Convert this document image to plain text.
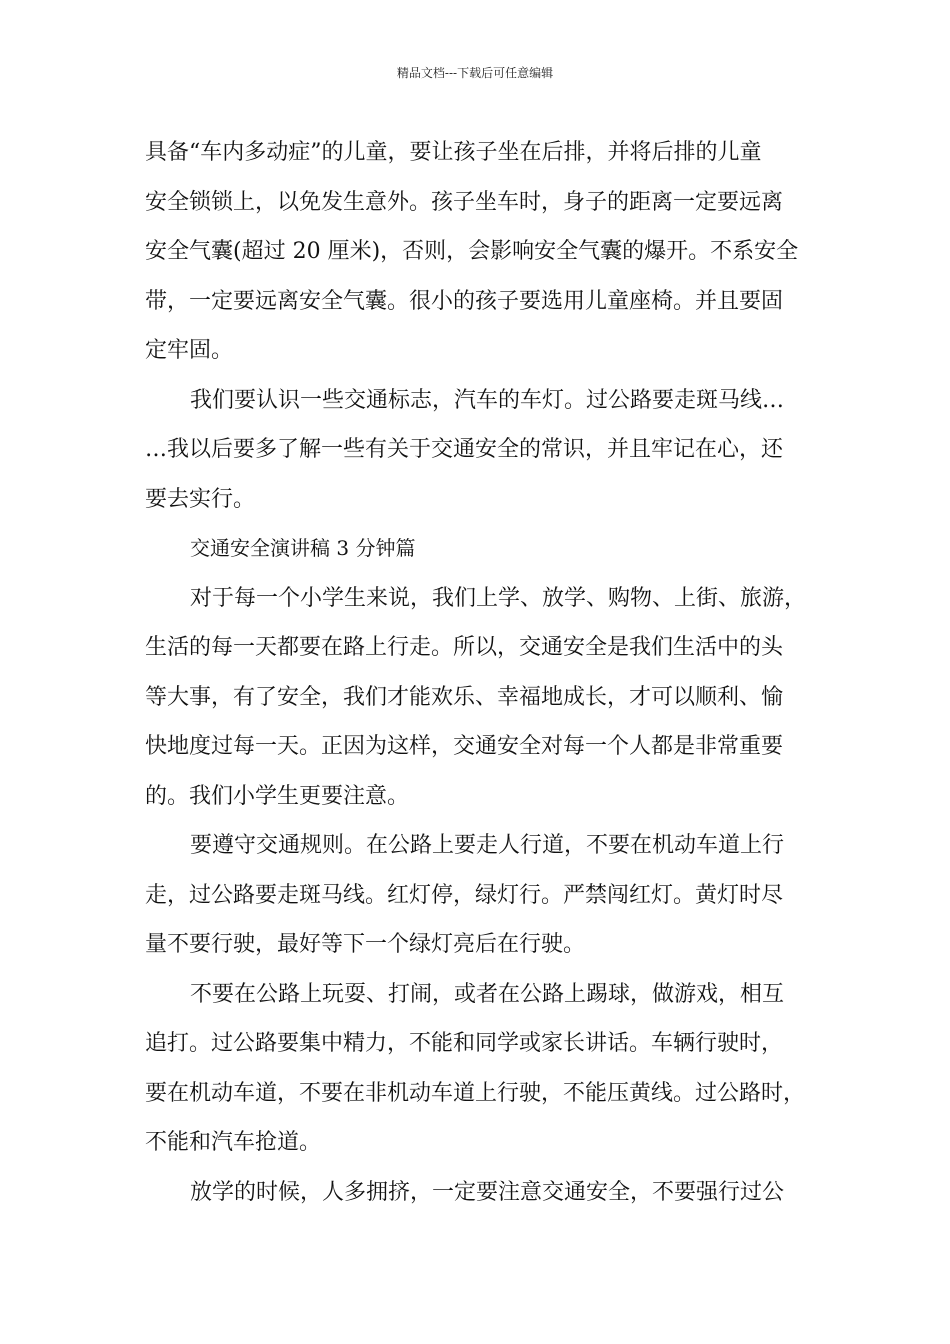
精品文档---下载后可任意编辑
具备“车内多动症”的儿童，要让孩子坐在后排，并将后排的儿童
安全锁锁上，以免发生意外。孩子坐车时，身子的距离一定要远离
安全气囊(超过 20 厘米)，否则，会影响安全气囊的爆开。不系安全
带，一定要远离安全气囊。很小的孩子要选用儿童座椅。并且要固
定牢固。
我们要认识一些交通标志，汽车的车灯。过公路要走斑马线…
…我以后要多了解一些有关于交通安全的常识，并且牢记在心，还
要去实行。
交通安全演讲稿 3 分钟篇
对于每一个小学生来说，我们上学、放学、购物、上街、旅游，
生活的每一天都要在路上行走。所以，交通安全是我们生活中的头
等大事，有了安全，我们才能欢乐、幸福地成长，才可以顺利、愉
快地度过每一天。正因为这样，交通安全对每一个人都是非常重要
的。我们小学生更要注意。
要遵守交通规则。在公路上要走人行道，不要在机动车道上行
走，过公路要走斑马线。红灯停，绿灯行。严禁闯红灯。黄灯时尽
量不要行驶，最好等下一个绿灯亮后在行驶。
不要在公路上玩耍、打闹，或者在公路上踢球，做游戏，相互
追打。过公路要集中精力，不能和同学或家长讲话。车辆行驶时，
要在机动车道，不要在非机动车道上行驶，不能压黄线。过公路时，
不能和汽车抢道。
放学的时候，人多拥挤，一定要注意交通安全，不要强行过公
